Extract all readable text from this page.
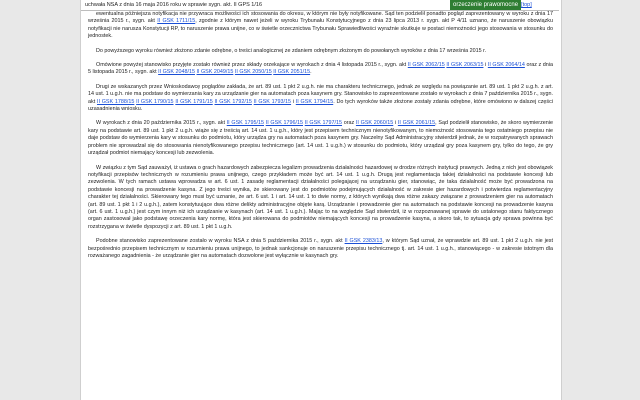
uchwała NSA z dnia 16 maja 2016 roku w sprawie sygn. akt. II GPS 1/16	orzeczenie prawomocne [top]

ewentualna późniejsza notyfikacja nie przywraca możliwości ich stosowania do okresu, w którym nie były notyfikowane. Sąd ten podzielił ponadto pogląd zaprezentowany w wyroku z dnia 17 września 2015 r., sygn. akt II GSK 1711/15, zgodnie z którym nawet jeżeli w wyroku Trybunału Konstytucyjnego z dnia 23 lipca 2013 r. sygn. akt P 4/11 uznano, że naruszenie obowiązku notyfikacji nie narusza Konstytucji RP, to naruszenie prawa unijne, co w świetle orzecznictwa Trybunału Sprawiedliwości wyraźnie skutkuje w postaci niemożności jego stosowania w stosunku do jednostek.

Do powyższego wyroku również złożono zdanie odrębne, o treści analogicznej ze zdaniem odrębnym złożonym do powołanych wyroków z dnia 17 września 2015 r.

Omówione powyżej stanowisko przyjęte zostało również przez składy orzekające w wyrokach z dnia 4 listopada 2015 r., sygn. akt II GSK 2062/15 II GSK 2063/15 i II GSK 2064/14 oraz z dnia 5 listopada 2015 r., sygn. akt II GSK 2048/15 II GSK 2049/15 II GSK 2050/15 II GSK 2051/15.

Drugi ze wskazanych przez Wnioskodawcę poglądów zakłada, że art. 89 ust. 1 pkt 2 u.g.h. nie ma charakteru technicznego, jednak ze względu na powiązanie art. 89 ust. 1 pkt 2 u.g.h. z art. 14 ust. 1 u.g.h. nie ma podstaw do wymierzania kary za urządzanie gier na automatach poza kasynem gry. Stanowisko to zaprezentowane zostało w wyrokach z dnia 7 października 2015 r., sygn. akt II GSK 1788/15 II GSK 1790/15 II GSK 1791/15 II GSK 1792/15 II GSK 1793/15 i II GSK 1794/15. Do tych wyroków także złożone zostały zdania odrębne, które omówiono w dalszej części uzasadnienia wniosku.

W wyrokach z dnia 20 października 2015 r., sygn. akt II GSK 1795/15 II GSK 1796/15 II GSK 1797/15 oraz II GSK 2060/15 i II GSK 2061/15, Sąd podzielił stanowisko, że skoro wymierzenie kary na podstawie art. 89 ust. 1 pkt 2 u.g.h. wiąże się z treścią art. 14 ust. 1 u.g.h., który jest przepisem technicznym nienotyfikowanym, to niemożność stosowania tego ostatniego przepisu nie daje podstaw do wymierzenia kary w stosunku do podmiotu, który urządza gry na automatach poza kasynem gry. Naczelny Sąd Administracyjny stwierdził jednak, że w rozpatrywanych sprawach problem nie sprowadzał się do stosowania nienotyfikowanego przepisu technicznego (art. 14 ust. 1 u.g.h.) w stosunku do podmiotu, który urządzał gry poza kasynem gry, tylko do tego, że gry urządzał podmiot niemający koncesji lub zezwolenia.

W związku z tym Sąd zauważył, iż ustawa o grach hazardowych zabezpiecza legalizm prowadzenia działalności hazardowej w drodze różnych instytucji prawnych. Jedną z nich jest obowiązek notyfikacji przepisów technicznych w rozumieniu prawa unijnego, czego przykładem może być art. 14 ust. 1 u.g.h. Drugą jest reglamentacja takiej działalności na podstawie koncesji lub zezwolenia. W tych ramach ustawa wprowadza w art. 6 ust. 1 zasadę reglamentacji działalności polegającej na urządzaniu gier, stanowiąc, że taka działalność może być prowadzona na podstawie koncesji na prowadzenie kasyna. Z jego treści wynika, że skierowany jest do podmiotów podejmujących działalność w zakresie gier hazardowych i potwierdza reglamentacyjny charakter tej działalności. Skierowany tego musi być uznanie, że art. 6 ust. 1 i art. 14 ust. 1 to dwie normy, z których wynikają dwa różne zakazy związane z prowadzeniem gier na automatach (art. 89 ust. 1 pkt 1 i 2 u.g.h.), zatem konstytuujące dwa różne delikty administracyjne objęte karą. Urządzanie i prowadzenie gier na automatach na podstawie koncesji na prowadzenie kasyna (art. 6 ust. 1 u.g.h.) jest czym innym niż ich urządzanie w kasynach (art. 14 ust. 1 u.g.h.). Mając to na względzie Sąd stwierdził, iż w rozpoznawanej sprawie do ustalonego stanu faktycznego organ zastosował jako podstawę orzeczenia kary normę, która jest skierowana do podmiotów niemających koncesji na prowadzenie kasyna, a skoro tak, to sytuacja gdy sprawa powinna być rozstrzygana w świetle dyspozycji z art. 89 ust. 1 pkt 1 u.g.h.

Podobne stanowisko zaprezentowane zostało w wyroku NSA z dnia 5 października 2015 r., sygn. akt II GSK 2383/13, w którym Sąd uznał, że wprawdzie art. 89 ust. 1 pkt 2 u.g.h. nie jest bezpośrednio przepisem technicznym w rozumieniu prawa unijnego, to jednak sankcjonuje on naruszenie przepisu technicznego tj. art. 14 ust. 1 u.g.h., stanowiącego - w zakresie istotnym dla rozważanego zagadnienia - że urządzanie gier na automatach dozwolone jest wyłącznie w kasynach gry.
